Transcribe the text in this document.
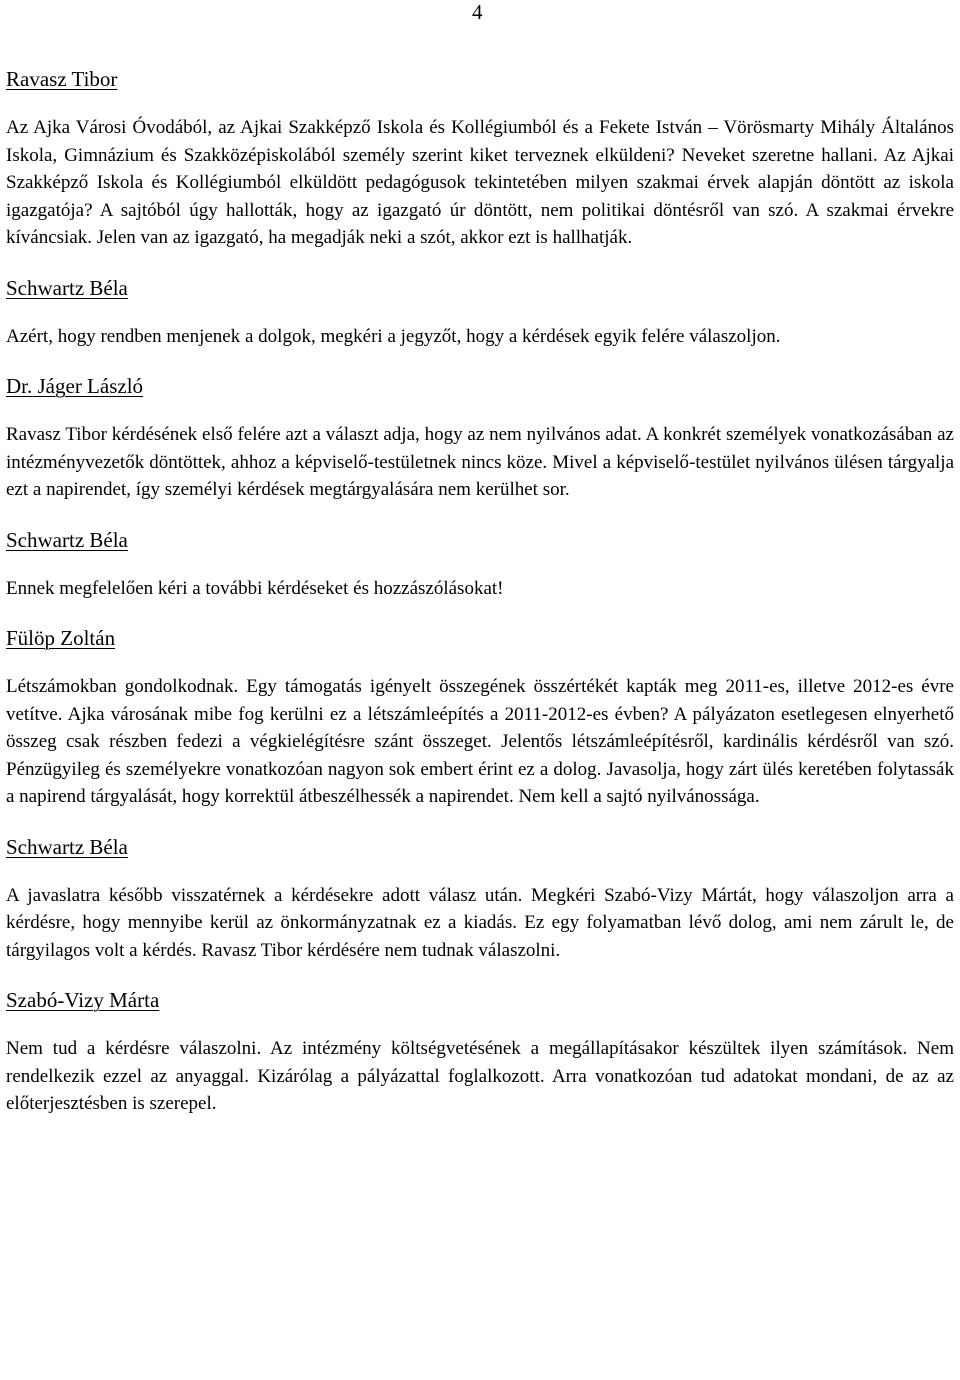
4
Ravasz Tibor

Az Ajka Városi Óvodából, az Ajkai Szakképző Iskola és Kollégiumból és a Fekete István – Vörösmarty Mihály Általános Iskola, Gimnázium és Szakközépiskolából személy szerint kiket terveznek elküldeni? Neveket szeretne hallani. Az Ajkai Szakképző Iskola és Kollégiumból elküldött pedagógusok tekintetében milyen szakmai érvek alapján döntött az iskola igazgatója? A sajtóból úgy hallották, hogy az igazgató úr döntött, nem politikai döntésről van szó. A szakmai érvekre kíváncsiak. Jelen van az igazgató, ha megadják neki a szót, akkor ezt is hallhatják.

Schwartz Béla

Azért, hogy rendben menjenek a dolgok, megkéri a jegyzőt, hogy a kérdések egyik felére válaszoljon.

Dr. Jáger László

Ravasz Tibor kérdésének első felére azt a választ adja, hogy az nem nyilvános adat. A konkrét személyek vonatkozásában az intézményvezetők döntöttek, ahhoz a képviselő-testületnek nincs köze. Mivel a képviselő-testület nyilvános ülésen tárgyalja ezt a napirendet, így személyi kérdések megtárgyalására nem kerülhet sor.

Schwartz Béla

Ennek megfelelően kéri a további kérdéseket és hozzászólásokat!

Fülöp Zoltán

Létszámokban gondolkodnak. Egy támogatás igényelt összegének összértékét kapták meg 2011-es, illetve 2012-es évre vetítve. Ajka városának mibe fog kerülni ez a létszámleépítés a 2011-2012-es évben? A pályázaton esetlegesen elnyerhető összeg csak részben fedezi a végkielégítésre szánt összeget. Jelentős létszámleépítésről, kardinális kérdésről van szó. Pénzügyileg és személyekre vonatkozóan nagyon sok embert érint ez a dolog. Javasolja, hogy zárt ülés keretében folytassák a napirend tárgyalását, hogy korrektül átbeszélhessék a napirendet. Nem kell a sajtó nyilvánossága.

Schwartz Béla

A javaslatra később visszatérnek a kérdésekre adott válasz után. Megkéri Szabó-Vizy Mártát, hogy válaszoljon arra a kérdésre, hogy mennyibe kerül az önkormányzatnak ez a kiadás. Ez egy folyamatban lévő dolog, ami nem zárult le, de tárgyilagos volt a kérdés. Ravasz Tibor kérdésére nem tudnak válaszolni.

Szabó-Vizy Márta

Nem tud a kérdésre válaszolni. Az intézmény költségvetésének a megállapításakor készültek ilyen számítások. Nem rendelkezik ezzel az anyaggal. Kizárólag a pályázattal foglalkozott. Arra vonatkozóan tud adatokat mondani, de az az előterjesztésben is szerepel.
